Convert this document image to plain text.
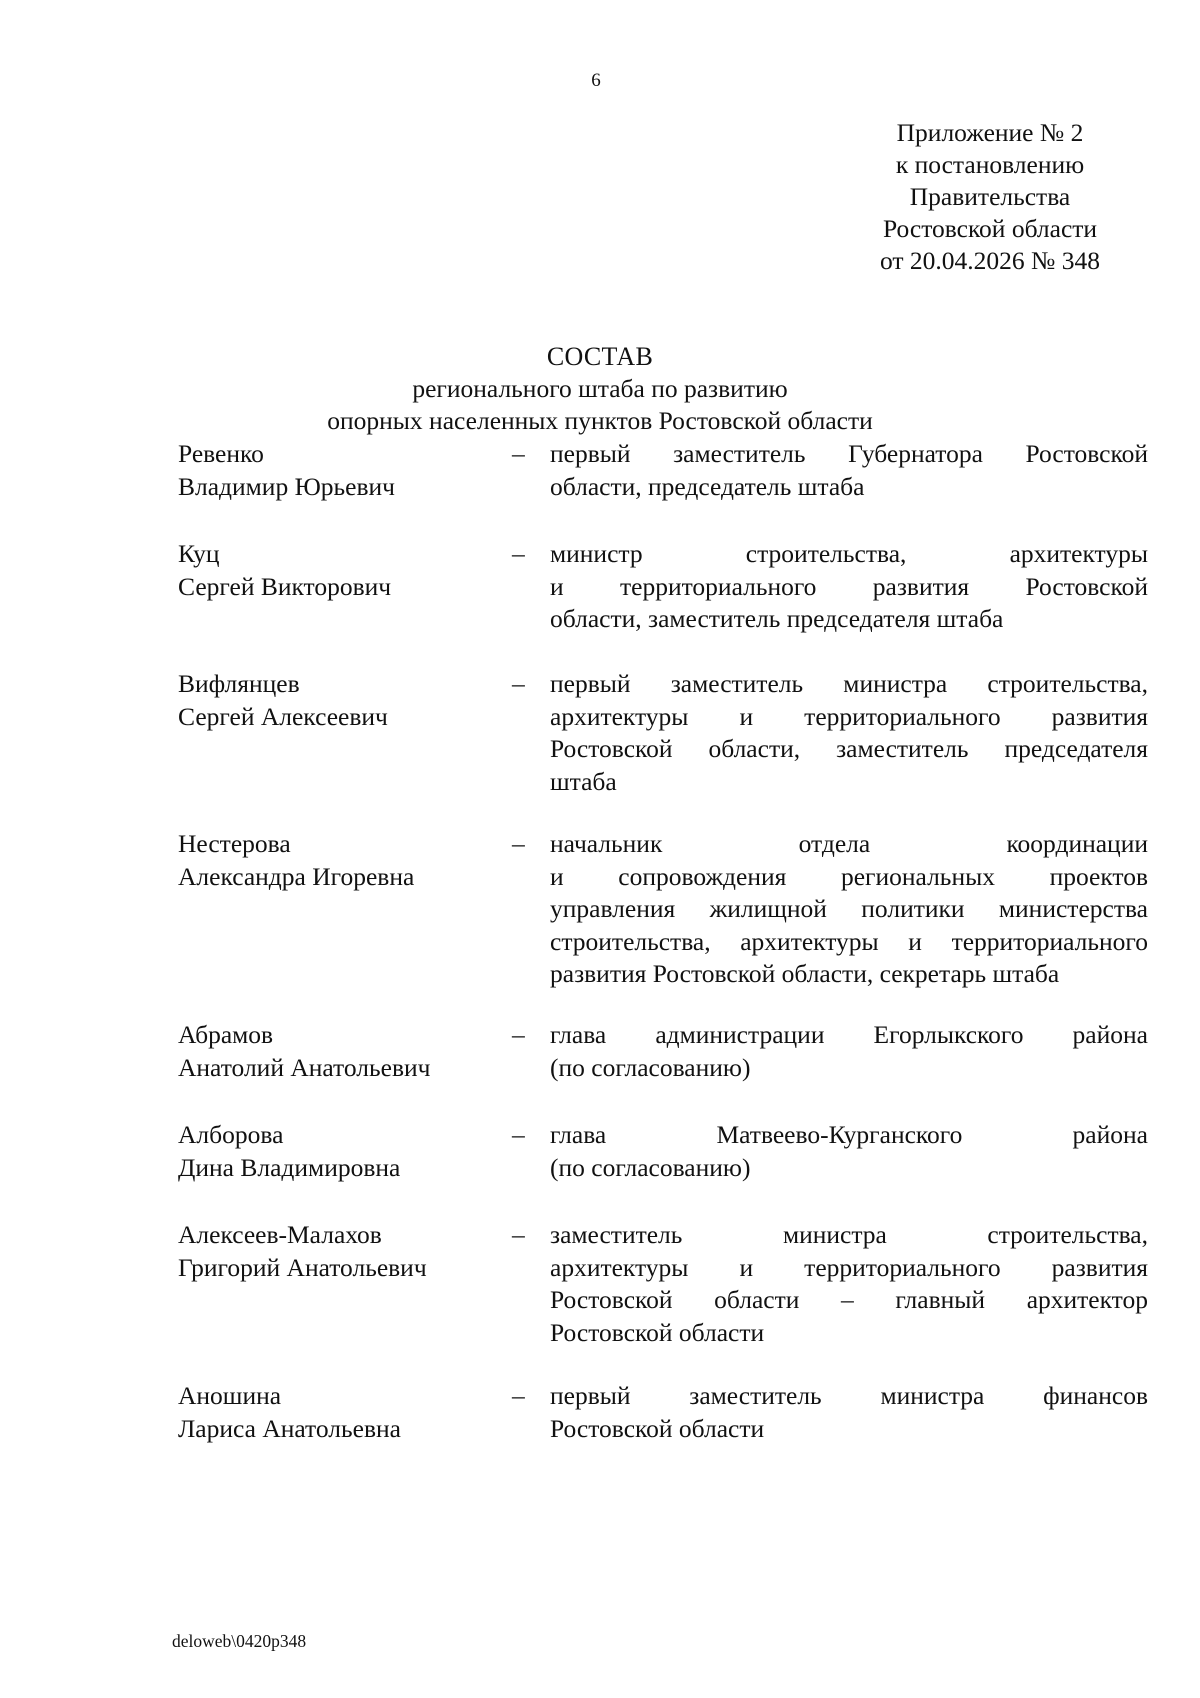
6
Приложение № 2
к постановлению
Правительства
Ростовской области
от 20.04.2026 № 348
СОСТАВ
регионального штаба по развитию
опорных населенных пунктов Ростовской области
Ревенко
Владимир Юрьевич
– первый заместитель Губернатора Ростовской
области, председатель штаба
Куц
Сергей Викторович
– министр строительства, архитектуры
и территориального развития Ростовской
области, заместитель председателя штаба
Вифлянцев
Сергей Алексеевич
– первый заместитель министра строительства,
архитектуры и территориального развития
Ростовской области, заместитель председателя
штаба
Нестерова
Александра Игоревна
– начальник отдела координации
и сопровождения региональных проектов
управления жилищной политики министерства
строительства, архитектуры и территориального
развития Ростовской области, секретарь штаба
Абрамов
Анатолий Анатольевич
– глава администрации Егорлыкского района
(по согласованию)
Алборова
Дина Владимировна
– глава Матвеево-Курганского района
(по согласованию)
Алексеев-Малахов
Григорий Анатольевич
– заместитель министра строительства,
архитектуры и территориального развития
Ростовской области – главный архитектор
Ростовской области
Аношина
Лариса Анатольевна
– первый заместитель министра финансов
Ростовской области
deloweb\0420p348
